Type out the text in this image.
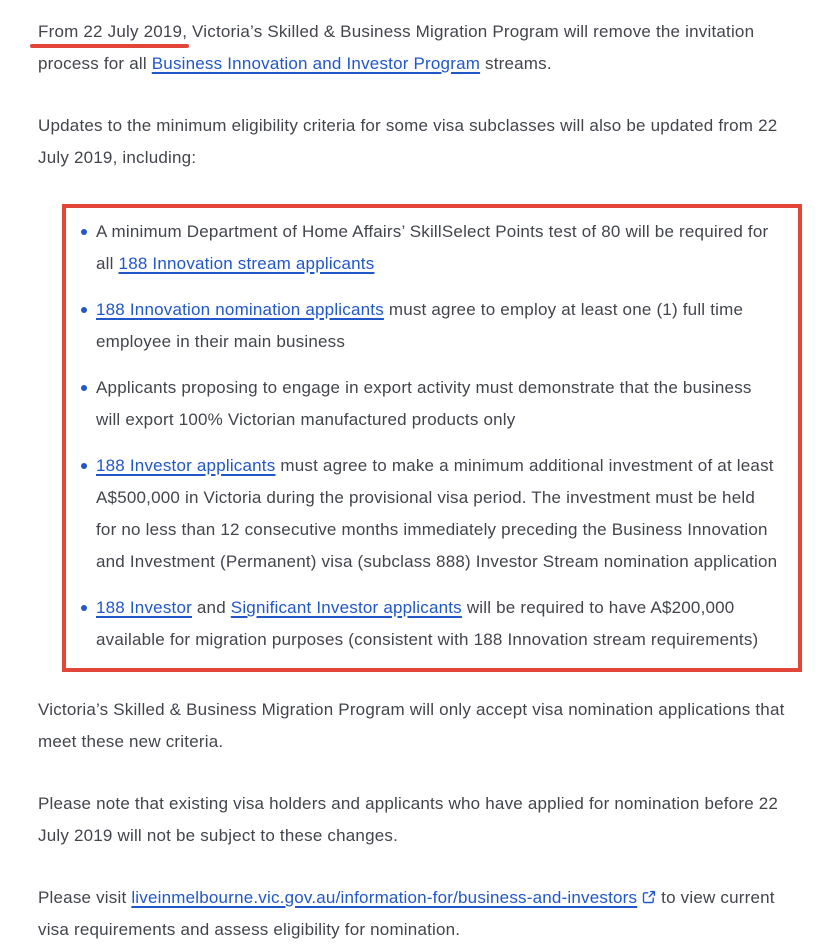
From 22 July 2019, Victoria’s Skilled & Business Migration Program will remove the invitation process for all Business Innovation and Investor Program streams.

Updates to the minimum eligibility criteria for some visa subclasses will also be updated from 22 July 2019, including:

A minimum Department of Home Affairs’ SkillSelect Points test of 80 will be required for all 188 Innovation stream applicants
188 Innovation nomination applicants must agree to employ at least one (1) full time employee in their main business
Applicants proposing to engage in export activity must demonstrate that the business will export 100% Victorian manufactured products only
188 Investor applicants must agree to make a minimum additional investment of at least A$500,000 in Victoria during the provisional visa period. The investment must be held for no less than 12 consecutive months immediately preceding the Business Innovation and Investment (Permanent) visa (subclass 888) Investor Stream nomination application
188 Investor and Significant Investor applicants will be required to have A$200,000 available for migration purposes (consistent with 188 Innovation stream requirements)

Victoria’s Skilled & Business Migration Program will only accept visa nomination applications that meet these new criteria.

Please note that existing visa holders and applicants who have applied for nomination before 22 July 2019 will not be subject to these changes.

Please visit liveinmelbourne.vic.gov.au/information-for/business-and-investors
to view current visa requirements and assess eligibility for nomination.
